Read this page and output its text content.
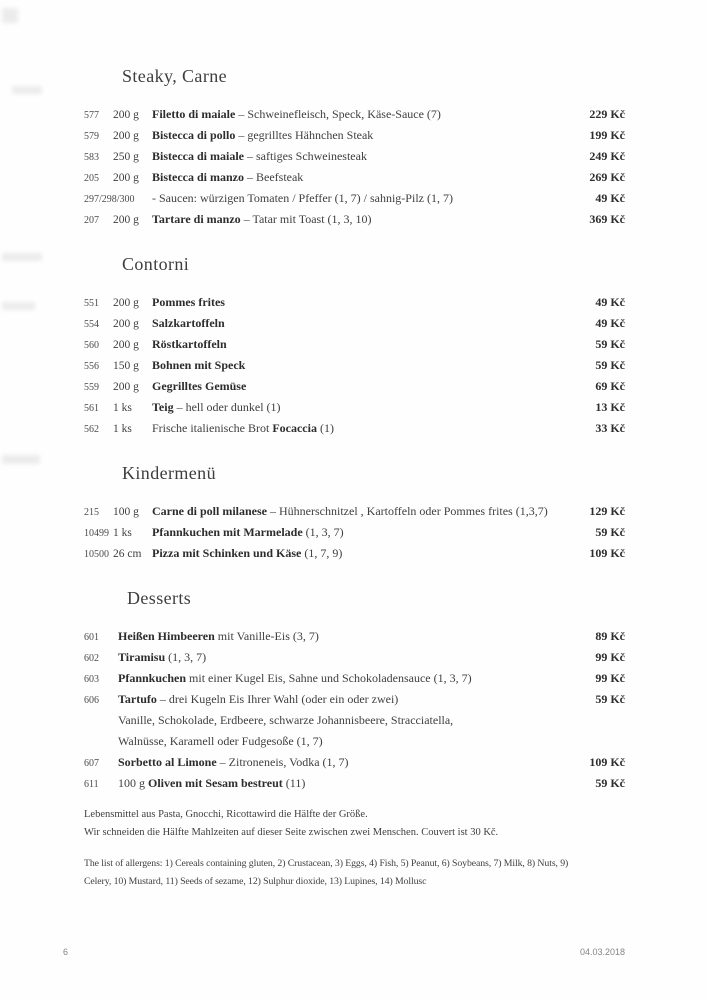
Steaky, Carne
577	200 g	Filetto di maiale – Schweinefleisch, Speck, Käse-Sauce (7)	229 Kč
579	200 g	Bistecca di pollo – gegrilltes Hähnchen Steak	199 Kč
583	250 g	Bistecca di maiale – saftiges Schweinesteak	249 Kč
205	200 g	Bistecca di manzo – Beefsteak	269 Kč
297/298/300 - Saucen: würzigen Tomaten / Pfeffer (1, 7) / sahnig-Pilz (1, 7)	49 Kč
207	200 g	Tartare di manzo – Tatar mit Toast (1, 3, 10)	369 Kč
Contorni
551	200 g	Pommes frites	49 Kč
554	200 g	Salzkartoffeln	49 Kč
560	200 g	Röstkartoffeln	59 Kč
556	150 g	Bohnen mit Speck	59 Kč
559	200 g	Gegrilltes Gemüse	69 Kč
561	1 ks	Teig – hell oder dunkel (1)	13 Kč
562	1 ks	Frische italienische Brot Focaccia (1)	33 Kč
Kindermenü
215	100 g	Carne di poll milanese – Hühnerschnitzel , Kartoffeln oder Pommes frites (1,3,7)	129 Kč
10499 1 ks	Pfannkuchen mit Marmelade (1, 3, 7)	59 Kč
10500 26 cm Pizza mit Schinken und Käse (1, 7, 9)	109 Kč
Desserts
601	Heißen Himbeeren mit Vanille-Eis (3, 7)	89 Kč
602	Tiramisu (1, 3, 7)	99 Kč
603	Pfannkuchen mit einer Kugel Eis, Sahne und Schokoladensauce (1, 3, 7)	99 Kč
606	Tartufo – drei Kugeln Eis Ihrer Wahl (oder ein oder zwei)	59 Kč
Vanille, Schokolade, Erdbeere, schwarze Johannisbeere, Stracciatella,
Walnüsse, Karamell oder Fudgesoße (1, 7)
607	Sorbetto al Limone – Zitroneneis, Vodka (1, 7)	109 Kč
611	100 g Oliven mit Sesam bestreut (11)	59 Kč

Lebensmittel aus Pasta, Gnocchi, Ricottawird die Hälfte der Größe.

Wir schneiden die Hälfte Mahlzeiten auf dieser Seite zwischen zwei Menschen. Couvert ist 30 Kč.

The list of allergens: 1) Cereals containing gluten, 2) Crustacean, 3) Eggs, 4) Fish, 5) Peanut, 6) Soybeans, 7) Milk, 8) Nuts, 9)

Celery, 10) Mustard, 11) Seeds of sezame, 12) Sulphur dioxide, 13) Lupines, 14) Mollusc

6	04.03.2018
